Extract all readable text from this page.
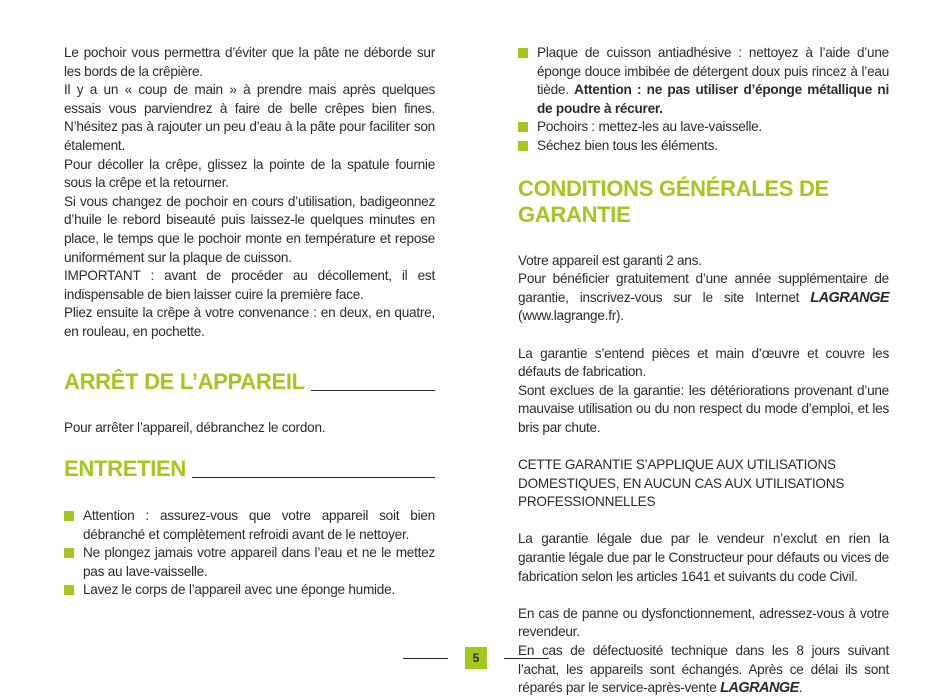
Le pochoir vous permettra d’éviter que la pâte ne déborde sur les bords de la crêpière.

Il y a un « coup de main » à prendre mais après quelques essais vous parviendrez à faire de belle crêpes bien fines. N’hésitez pas à rajouter un peu d’eau à la pâte pour faciliter son étalement.

Pour décoller la crêpe, glissez la pointe de la spatule fournie sous la crêpe et la retourner.

Si vous changez de pochoir en cours d’utilisation, badigeonnez d’huile le rebord biseauté puis laissez-le quelques minutes en place, le temps que le pochoir monte en température et repose uniformément sur la plaque de cuisson.

IMPORTANT : avant de procéder au décollement, il est indispensable de bien laisser cuire la première face.

Pliez ensuite la crêpe à votre convenance : en deux, en quatre, en rouleau, en pochette.

ARRÊT DE L’APPAREIL

Pour arrêter l’appareil, débranchez le cordon.

ENTRETIEN
Attention : assurez-vous que votre appareil soit bien débranché et complètement refroidi avant de le nettoyer.
Ne plongez jamais votre appareil dans l’eau et ne le mettez pas au lave-vaisselle.
Lavez le corps de l’appareil avec une éponge humide.
Plaque de cuisson antiadhésive : nettoyez à l’aide d’une éponge douce imbibée de détergent doux puis rincez à l’eau tiède. Attention : ne pas utiliser d’éponge métallique ni de poudre à récurer.
Pochoirs : mettez-les au lave-vaisselle.
Séchez bien tous les éléments.
CONDITIONS GÉNÉRALES DE GARANTIE

Votre appareil est garanti 2 ans.

Pour bénéficier gratuitement d’une année supplémentaire de garantie, inscrivez-vous sur le site Internet LAGRANGE (www.lagrange.fr).

La garantie s’entend pièces et main d’œuvre et couvre les défauts de fabrication.

Sont exclues de la garantie: les détériorations provenant d’une mauvaise utilisation ou du non respect du mode d’emploi, et les bris par chute.

CETTE GARANTIE S’APPLIQUE AUX UTILISATIONS DOMESTIQUES, EN AUCUN CAS AUX UTILISATIONS PROFESSIONNELLES

La garantie légale due par le vendeur n’exclut en rien la garantie légale due par le Constructeur pour défauts ou vices de fabrication selon les articles 1641 et suivants du code Civil.

En cas de panne ou dysfonctionnement, adressez-vous à votre revendeur.

En cas de défectuosité technique dans les 8 jours suivant l’achat, les appareils sont échangés. Après ce délai ils sont réparés par le service-après-vente LAGRANGE.

5
